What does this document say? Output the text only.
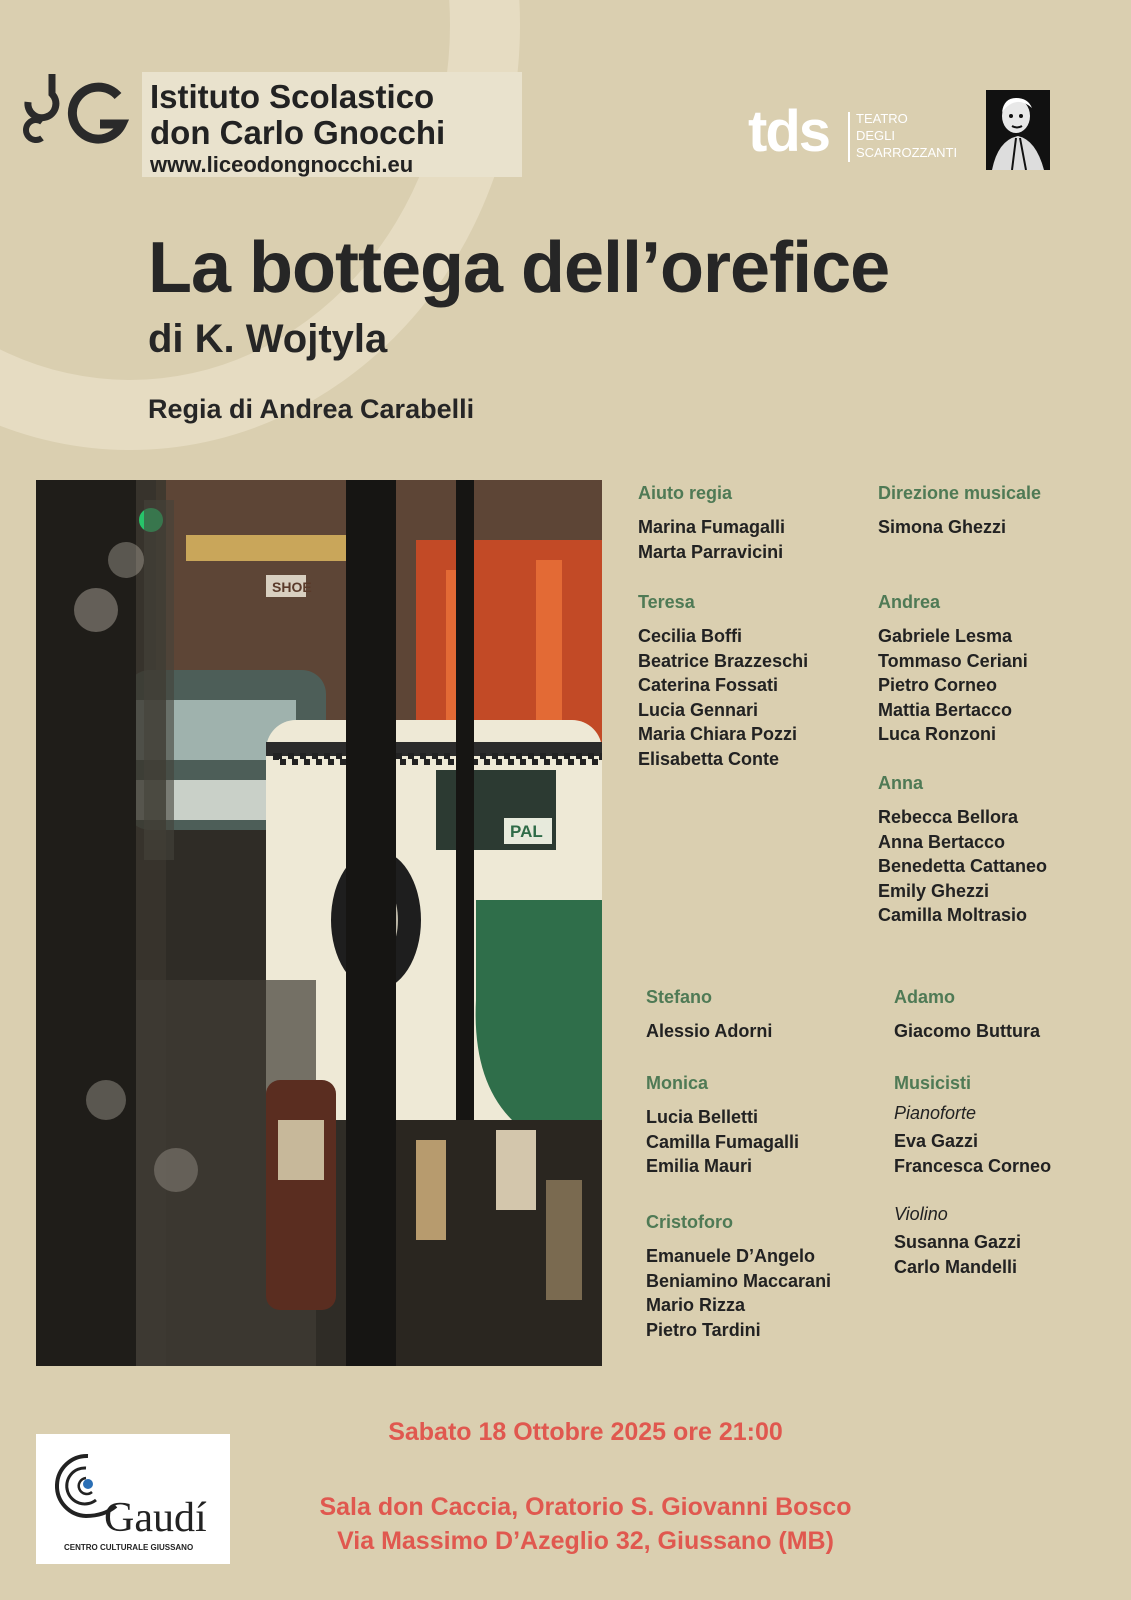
Istituto Scolastico
don Carlo Gnocchi
www.liceodongnocchi.eu
tds TEATRO
DEGLI
SCARROZZANTI
La bottega dell’orefice
di K. Wojtyla
Regia di Andrea Carabelli
SHOE
PAL
Aiuto regia
Marina Fumagalli
Marta Parravicini
Direzione musicale
Simona Ghezzi
Teresa
Cecilia Boffi
Beatrice Brazzeschi
Caterina Fossati
Lucia Gennari
Maria Chiara Pozzi
Elisabetta Conte
Andrea
Gabriele Lesma
Tommaso Ceriani
Pietro Corneo
Mattia Bertacco
Luca Ronzoni
Anna
Rebecca Bellora
Anna Bertacco
Benedetta Cattaneo
Emily Ghezzi
Camilla Moltrasio
Stefano
Alessio Adorni
Adamo
Giacomo Buttura
Monica
Lucia Belletti
Camilla Fumagalli
Emilia Mauri
Musicisti
Pianoforte
Eva Gazzi
Francesca Corneo
Cristoforo
Emanuele D’Angelo
Beniamino Maccarani
Mario Rizza
Pietro Tardini
Violino
Susanna Gazzi
Carlo Mandelli
Gaudí
CENTRO CULTURALE GIUSSANO
Sabato 18 Ottobre 2025 ore 21:00
Sala don Caccia, Oratorio S. Giovanni Bosco
Via Massimo D’Azeglio 32, Giussano (MB)
